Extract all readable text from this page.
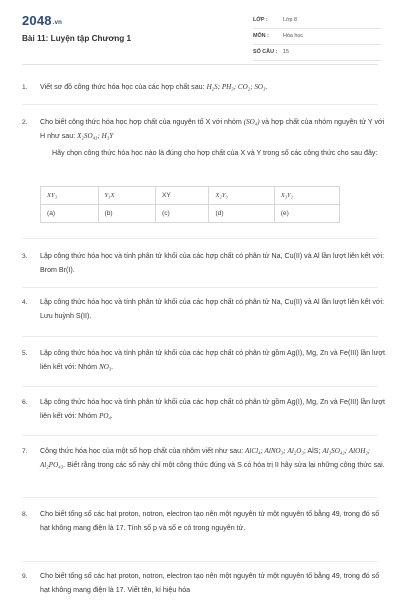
2048.vn
Bài 11: Luyện tập Chương 1
LỚP :	Lớp 8
MÔN :	Hóa học
SỐ CÂU : 15
1. Viết sơ đồ công thức hóa học của các hợp chất sau: H₂S; PH₃; CO₂; SO₃.
2. Cho biết công thức hóa học hợp chất của nguyên tố X với nhóm (SO₄) và hợp chất của nhóm nguyên tử Y với H như sau: X₂SO₄₃; H₃Y
Hãy chọn công thức hóa học nào là đúng cho hợp chất của X và Y trong số các công thức cho sau đây:
XY₃	Y₃X	XY	X₂Y₃	X₃Y₂
(a)	(b)	(c)	(d)	(e)
3. Lập công thức hóa học và tính phân tử khối của các hợp chất có phân tử Na, Cu(II) và Al lần lượt liên kết với: Brom Br(I).
4. Lập công thức hóa học và tính phân tử khối của các hợp chất có phân tử Na, Cu(II) và Al lần lượt liên kết với: Lưu huỳnh S(II).
5. Lập công thức hóa học và tính phân tử khối của các hợp chất có phân tử gồm Ag(I), Mg, Zn và Fe(III) lần lượt liên kết với: Nhóm NO₃.
6. Lập công thức hóa học và tính phân tử khối của các hợp chất có phân tử gồm Ag(I), Mg, Zn và Fe(III) lần lượt liên kết với: Nhóm PO₄.
7. Công thức hóa học của một số hợp chất của nhôm viết như sau: AlCl₄; AlNO₃; Al₂O₃; AlS; Al₃SO₄₂; AlOH₂; Al₂PO₄₃. Biết rằng trong các số này chỉ một công thức đúng và S có hóa trị II hãy sửa lại những công thức sai.
8. Cho biết tổng số các hạt proton, notron, electron tạo nên một nguyên tử một nguyên tố bằng 49, trong đó số hạt không mang điện là 17. Tính số p và số e có trong nguyên tử.
9. Cho biết tổng số các hạt proton, notron, electron tạo nên một nguyên tử một nguyên tố bằng 49, trong đó số hạt không mang điện là 17. Viết tên, kí hiệu hóa
